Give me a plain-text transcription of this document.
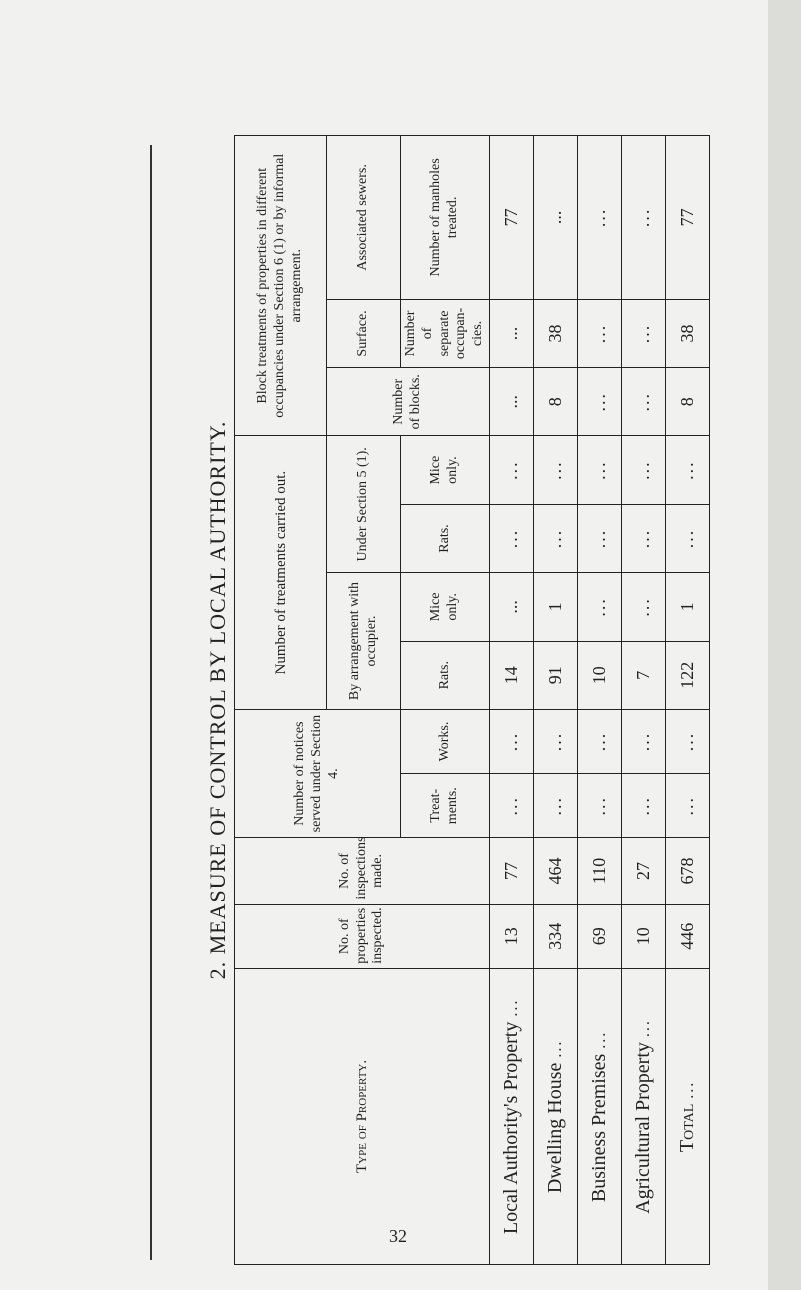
2. MEASURE OF CONTROL BY LOCAL AUTHORITY.
Type of Property.	No. of properties inspected.	No. of inspections made.	Number of notices served under Section 4.		Number of treatments carried out.				Block treatments of properties in different occupancies under Section 6 (1) or by informal arrangement.		
					By arrangement with occupier.		Under Section 5 (1).		Number of blocks.	Surface.	Associated sewers.
			Treat-ments.	Works.	Rats.	Mice only.	Rats.	Mice only.		Number of separate occupan-cies.	Number of manholes treated.
Local Authority's Property ...	13	77	...	...	14	...	...	...	...	...	77
Dwelling House ...	334	464	...	...	91	1	...	...	8	38	...
Business Premises ...	69	110	...	...	10	...	...	...	...	...	...
Agricultural Property ...	10	27	...	...	7	...	...	...	...	...	...
Total ...	446	678	...	...	122	1	...	...	8	38	77
32
